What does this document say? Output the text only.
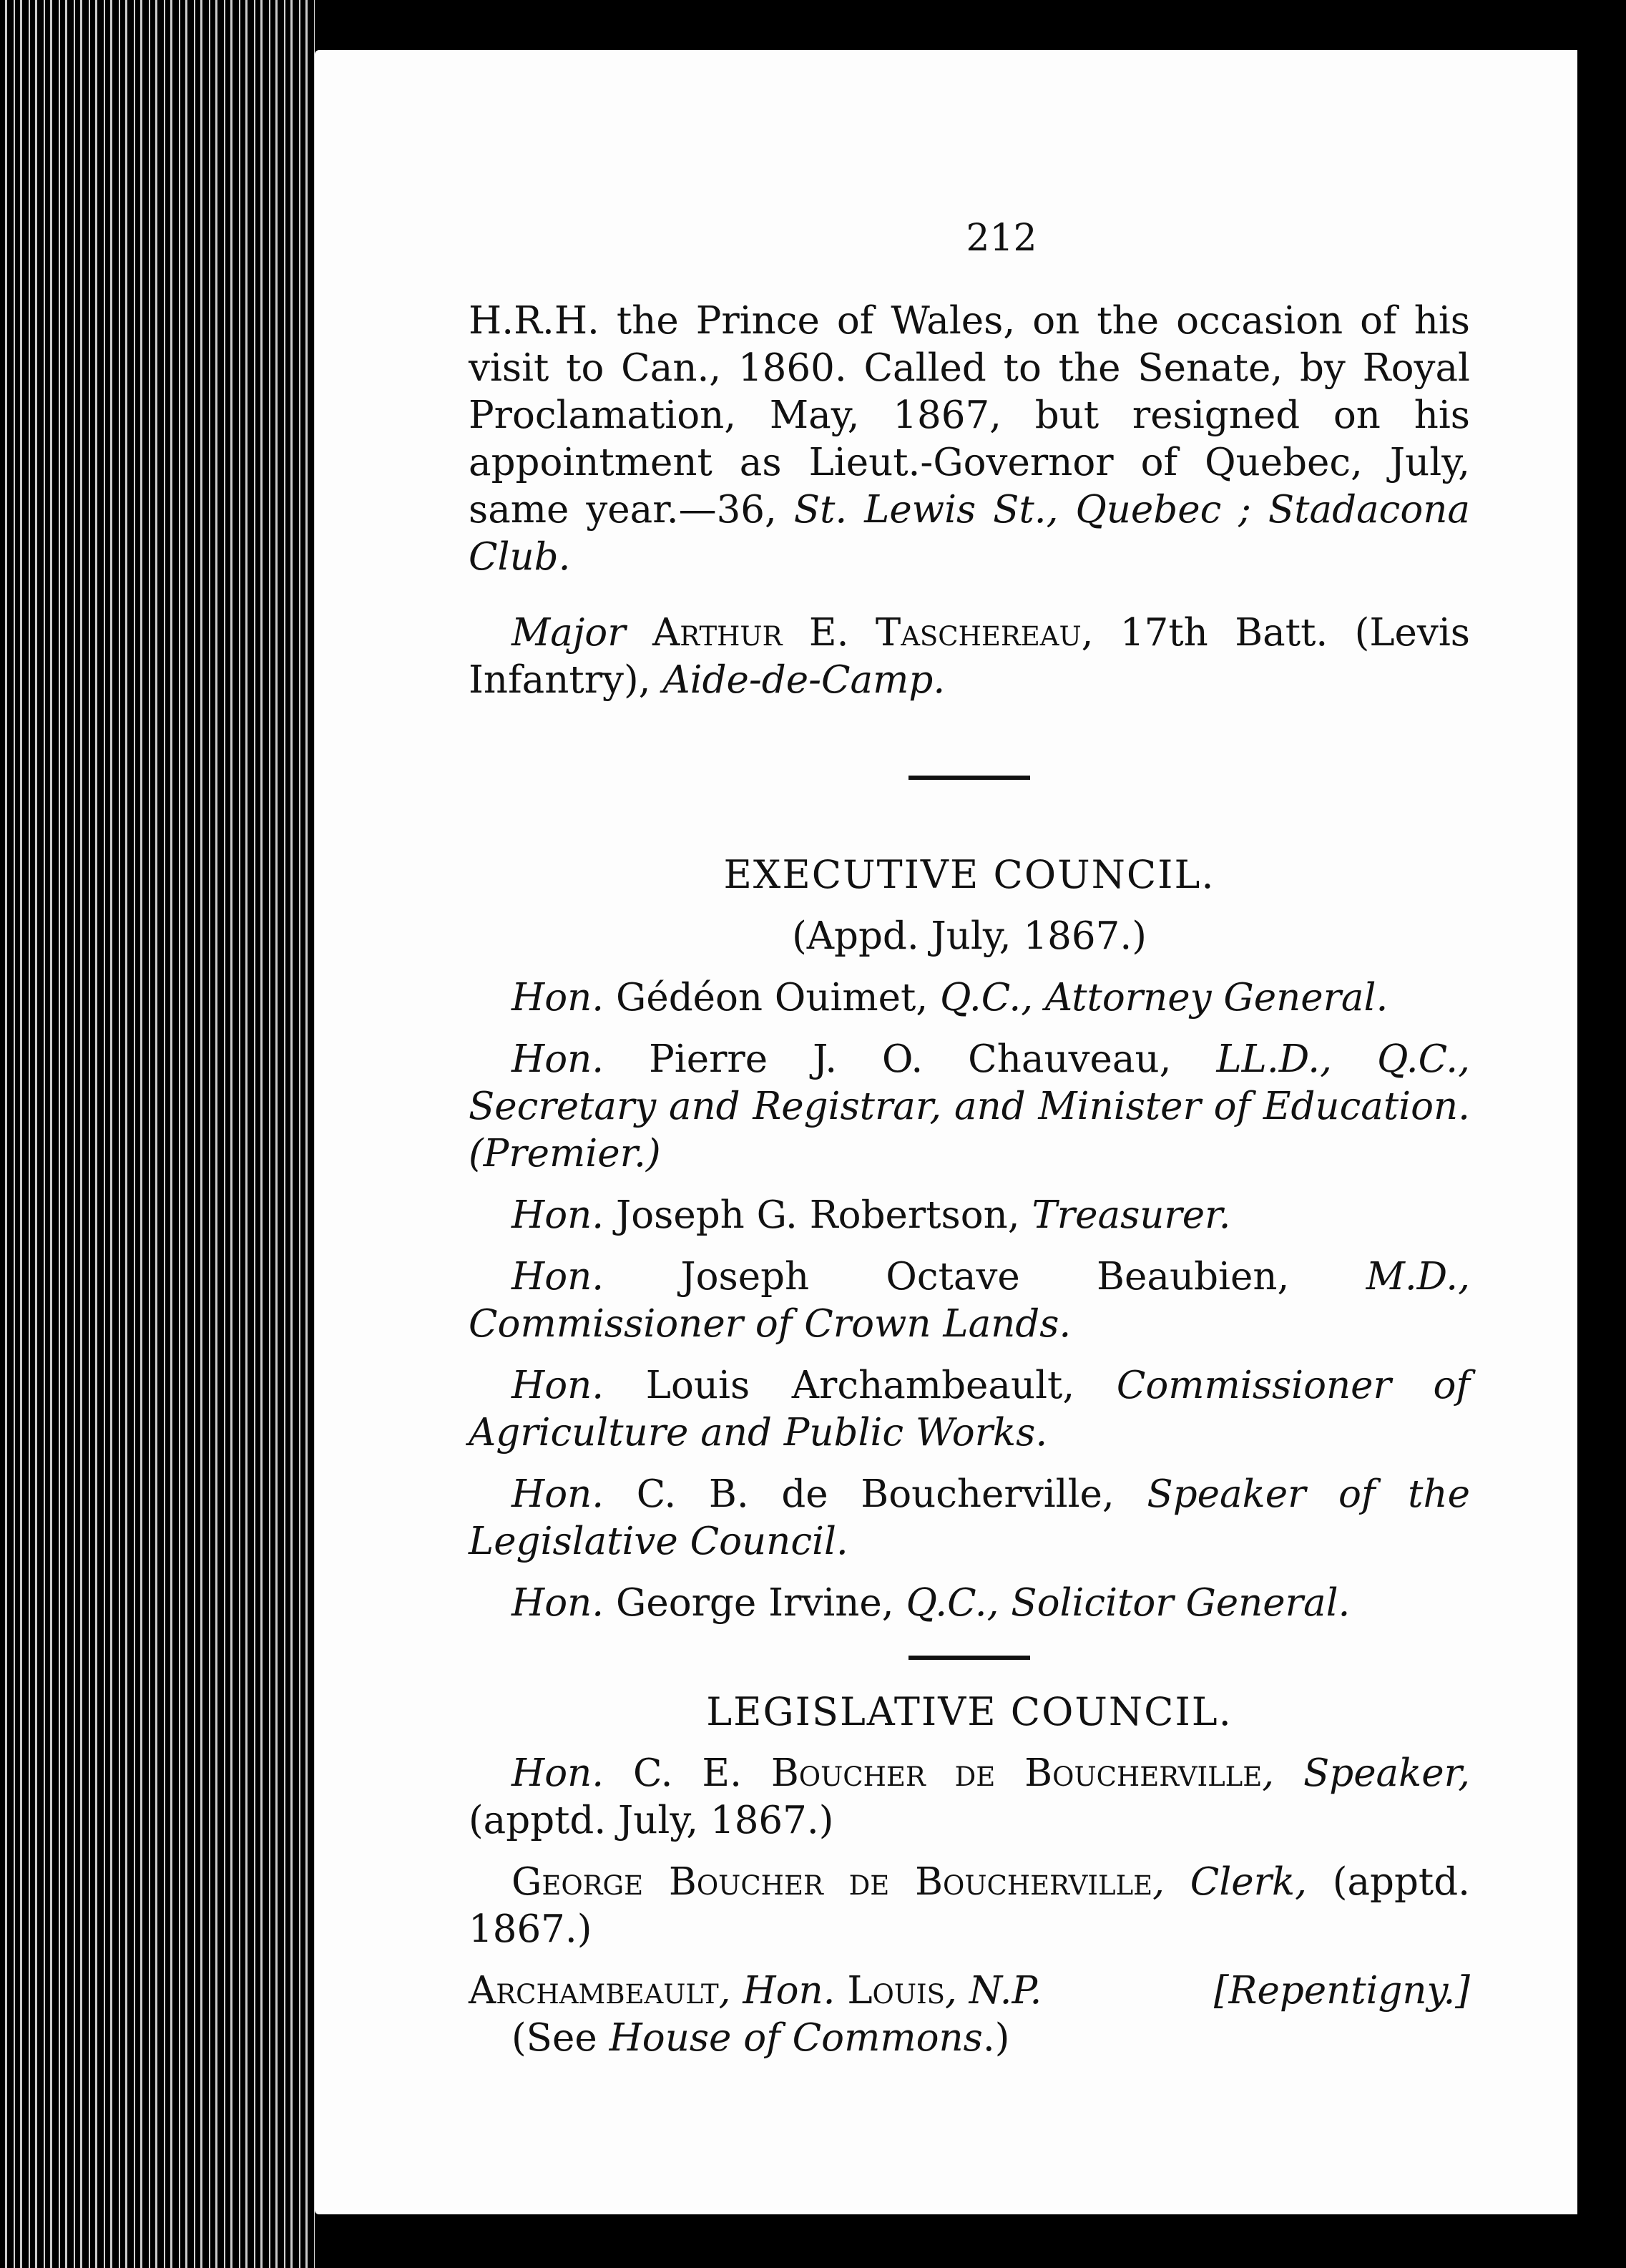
212

H.R.H. the Prince of Wales, on the occasion of his visit to Can., 1860. Called to the Senate, by Royal Proclamation, May, 1867, but resigned on his appointment as Lieut.-Governor of Quebec, July, same year.—36, St. Lewis St., Quebec ; Stadacona Club.

Major Arthur E. Taschereau, 17th Batt. (Levis Infantry), Aide-de-Camp.

EXECUTIVE COUNCIL.
(Appd. July, 1867.)

Hon. Gédéon Ouimet, Q.C., Attorney General.

Hon. Pierre J. O. Chauveau, LL.D., Q.C., Secretary and Registrar, and Minister of Education. (Premier.)

Hon. Joseph G. Robertson, Treasurer.

Hon. Joseph Octave Beaubien, M.D., Commissioner of Crown Lands.

Hon. Louis Archambeault, Commissioner of Agriculture and Public Works.

Hon. C. B. de Boucherville, Speaker of the Legislative Council.

Hon. George Irvine, Q.C., Solicitor General.

LEGISLATIVE COUNCIL.

Hon. C. E. Boucher de Boucherville, Speaker, (apptd. July, 1867.)

George Boucher de Boucherville, Clerk, (apptd. 1867.)

Archambeault, Hon. Louis, N.P.	[Repentigny.]

(See House of Commons.)
